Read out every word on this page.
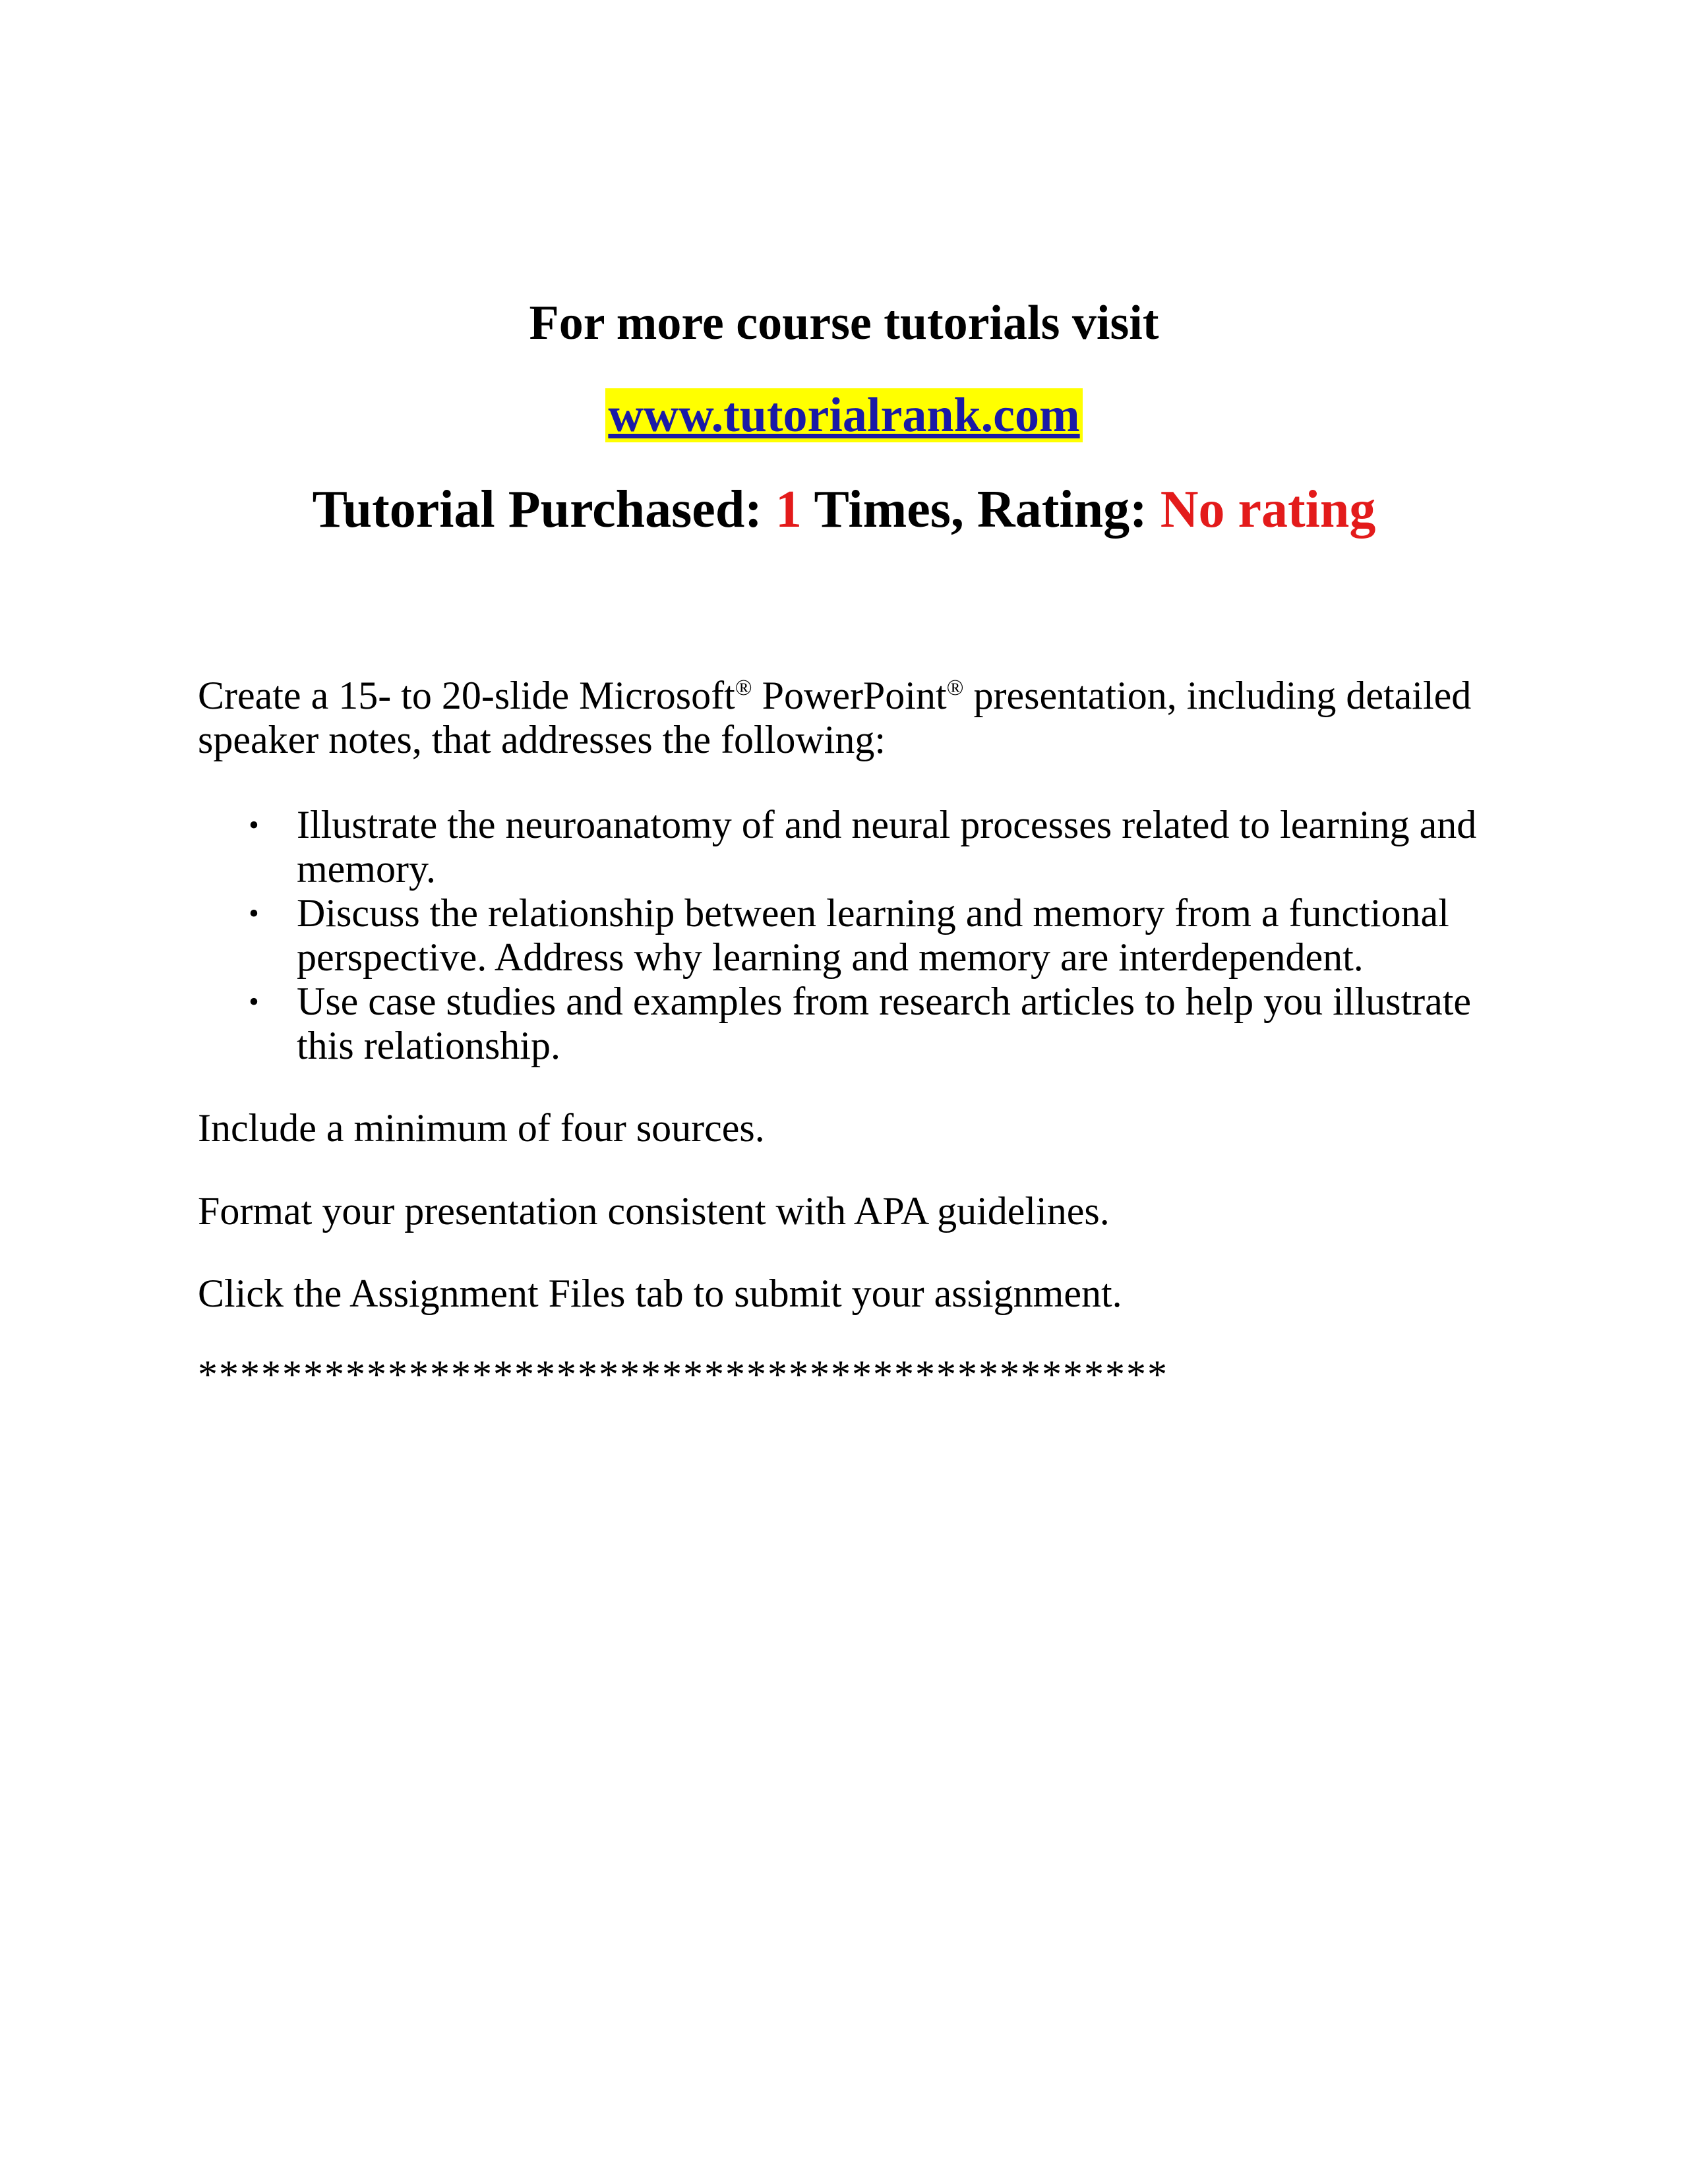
For more course tutorials visit
www.tutorialrank.com
Tutorial Purchased: 1 Times, Rating: No rating
Create a 15- to 20-slide Microsoft® PowerPoint® presentation, including detailed speaker notes, that addresses the following:
• Illustrate the neuroanatomy of and neural processes related to learning and memory.
• Discuss the relationship between learning and memory from a functional perspective. Address why learning and memory are interdependent.
• Use case studies and examples from research articles to help you illustrate this relationship.
Include a minimum of four sources.
Format your presentation consistent with APA guidelines.
Click the Assignment Files tab to submit your assignment.
**********************************************
